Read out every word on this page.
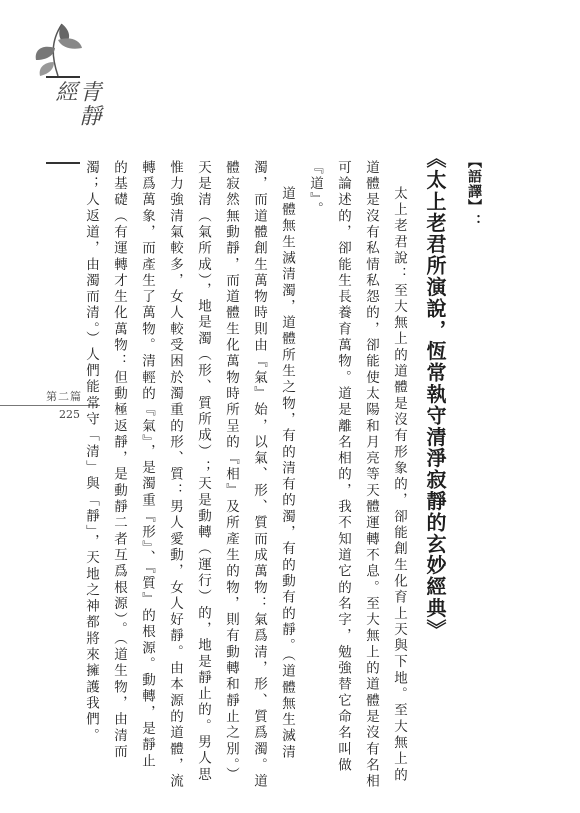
青靜經
第二篇
225
【語譯】：
《太上老君所演說，恆常執守清淨寂靜的玄妙經典》
太上老君說：至大無上的道體是沒有形象的，卻能創生化育上天與下地。至大無上的
道體是沒有私情私怨的，卻能使太陽和月亮等天體運轉不息。至大無上的道體是沒有名相
可論述的，卻能生長養育萬物。道是離名相的，我不知道它的名字，勉強替它命名叫做
『道』。
道體無生滅清濁，道體所生之物，有的清有的濁，有的動有的靜。（道體無生滅清
濁，而道體創生萬物時則由『氣』始，以氣、形、質而成萬物：氣爲清，形、質爲濁。道
體寂然無動靜，而道體生化萬物時所呈的『相』及所產生的物，則有動轉和靜止之別。）
天是清（氣所成），地是濁（形、質所成）；天是動轉（運行）的，地是靜止的。男人思
惟力強清氣較多，女人較受困於濁重的形、質：男人愛動，女人好靜。由本源的道體，流
轉爲萬象，而產生了萬物。清輕的『氣』，是濁重『形』、『質』的根源。動轉，是靜止
的基礎（有運轉才生化萬物：但動極返靜，是動靜二者互爲根源）。（道生物，由清而
濁；人返道，由濁而清。）人們能常守「清」與「靜」，天地之神都將來擁護我們。
